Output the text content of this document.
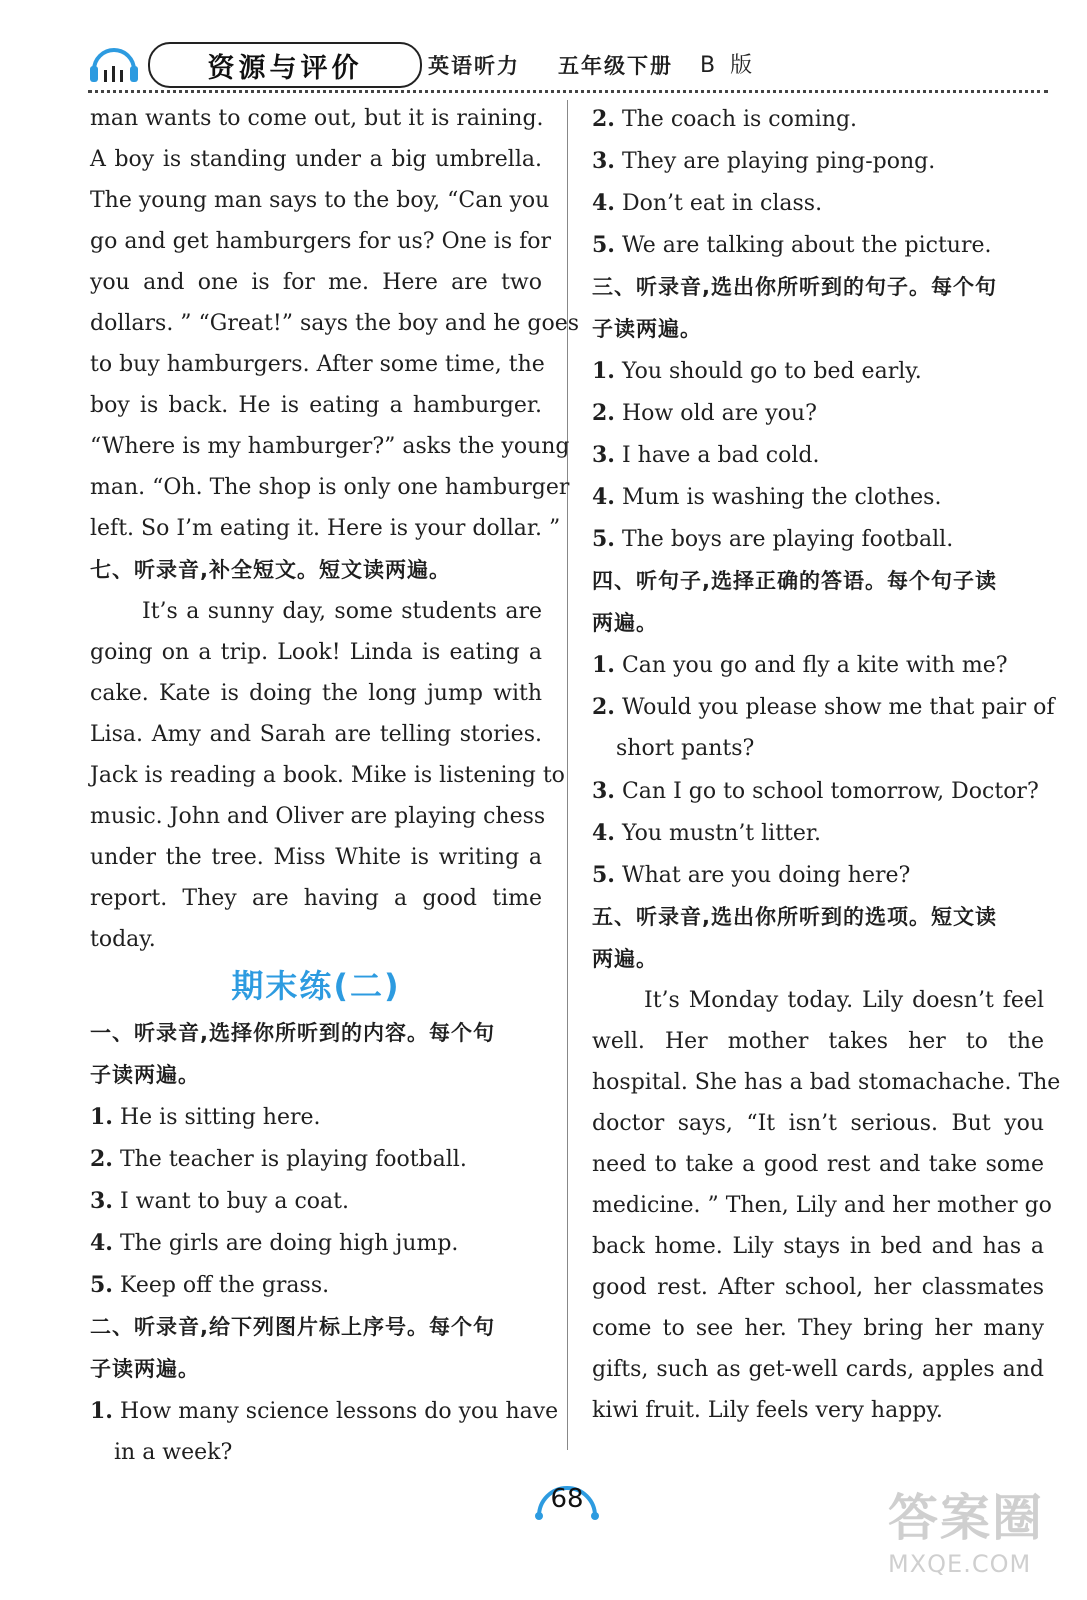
资源与评价	英语听力 五年级下册 B 版
man wants to come out, but it is raining.
A boy is standing under a big umbrella.
The young man says to the boy, “Can you
go and get hamburgers for us? One is for
you and one is for me. Here are two
dollars. ” “Great!” says the boy and he goes
to buy hamburgers. After some time, the
boy is back. He is eating a hamburger.
“Where is my hamburger?” asks the young
man. “Oh. The shop is only one hamburger
left. So I’m eating it. Here is your dollar. ”
七、听录音,补全短文。短文读两遍。
It’s a sunny day, some students are
going on a trip. Look! Linda is eating a
cake. Kate is doing the long jump with
Lisa. Amy and Sarah are telling stories.
Jack is reading a book. Mike is listening to
music. John and Oliver are playing chess
under the tree. Miss White is writing a
report. They are having a good time
today.
期末练(二)
一、听录音,选择你所听到的内容。每个句
子读两遍。
1. He is sitting here.
2. The teacher is playing football.
3. I want to buy a coat.
4. The girls are doing high jump.
5. Keep off the grass.
二、听录音,给下列图片标上序号。每个句
子读两遍。
1. How many science lessons do you have
in a week?
2. The coach is coming.
3. They are playing ping-pong.
4. Don’t eat in class.
5. We are talking about the picture.
三、听录音,选出你所听到的句子。每个句
子读两遍。
1. You should go to bed early.
2. How old are you?
3. I have a bad cold.
4. Mum is washing the clothes.
5. The boys are playing football.
四、听句子,选择正确的答语。每个句子读
两遍。
1. Can you go and fly a kite with me?
2. Would you please show me that pair of
short pants?
3. Can I go to school tomorrow, Doctor?
4. You mustn’t litter.
5. What are you doing here?
五、听录音,选出你所听到的选项。短文读
两遍。
It’s Monday today. Lily doesn’t feel
well. Her mother takes her to the
hospital. She has a bad stomachache. The
doctor says, “It isn’t serious. But you
need to take a good rest and take some
medicine. ” Then, Lily and her mother go
back home. Lily stays in bed and has a
good rest. After school, her classmates
come to see her. They bring her many
gifts, such as get-well cards, apples and
kiwi fruit. Lily feels very happy.
68	答案圈
MXQE.COM
